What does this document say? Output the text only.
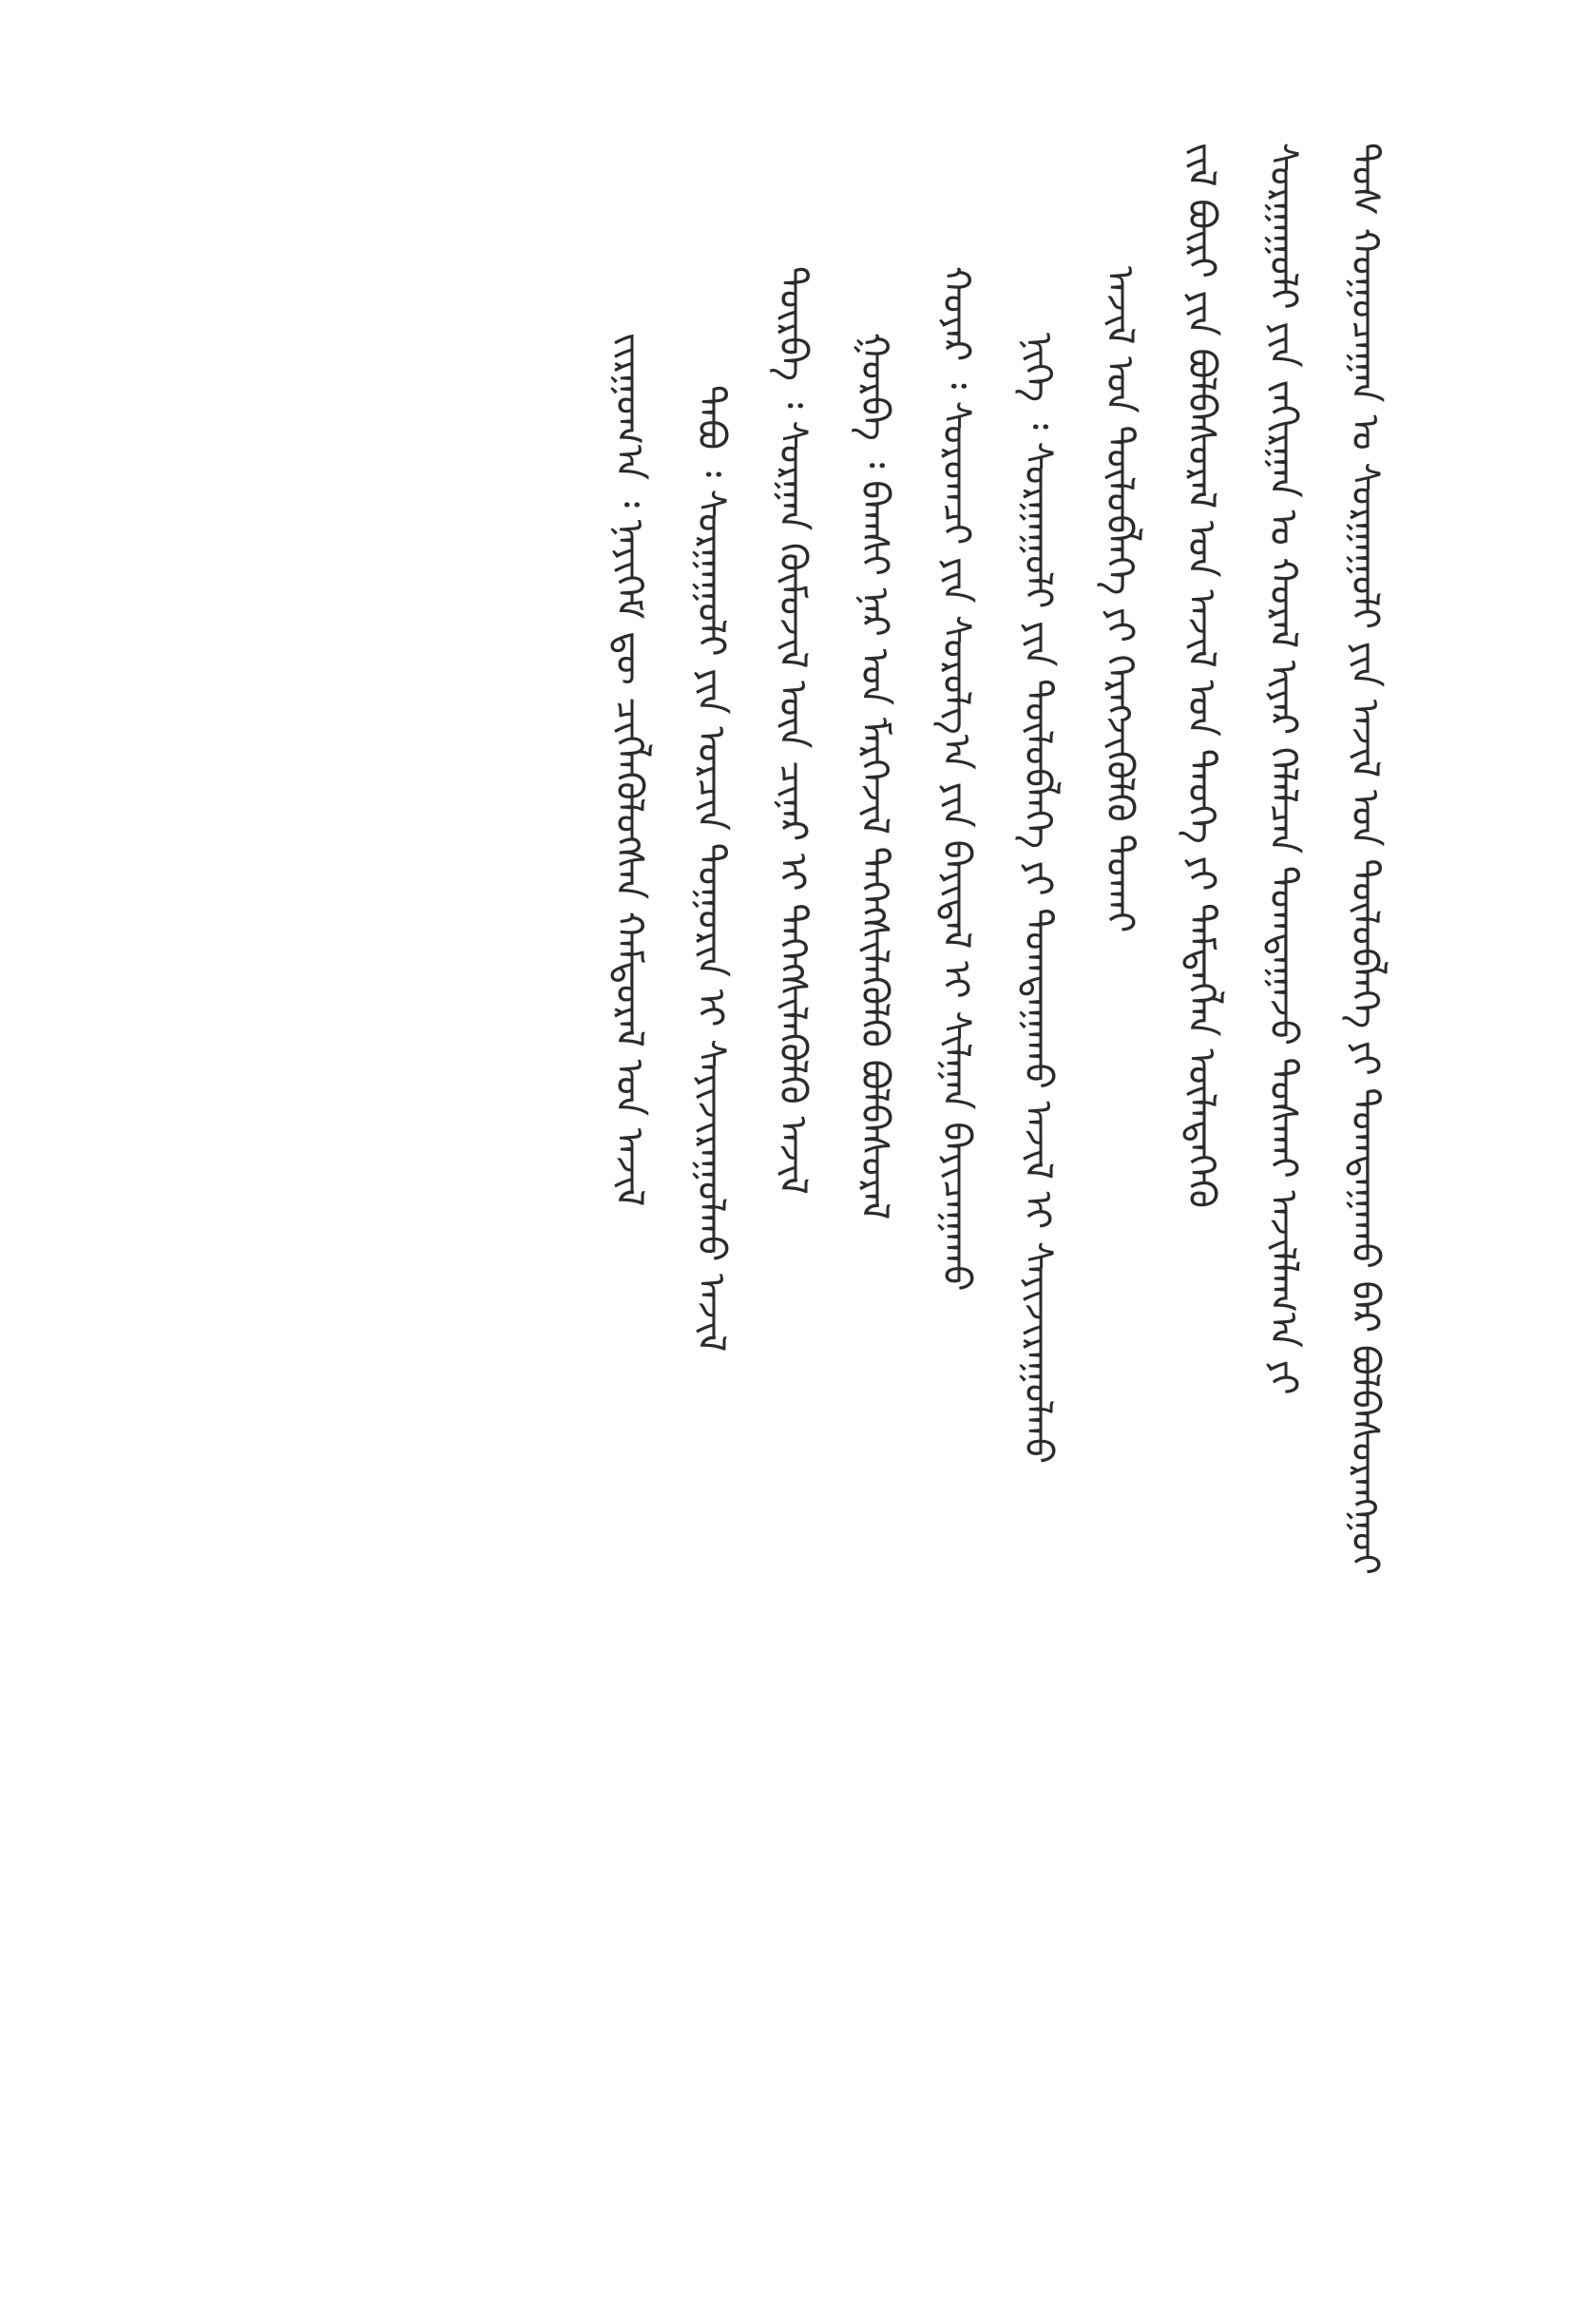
ᠲᠤᠰ ᠬᠤᠭᠤᠴᠠᠭᠠᠨ ᠤ ᠰᠤᠷᠭᠠᠭᠤᠯᠢ ᠶᠢᠨ ᠠᠵᠢᠯ ᠤᠨ ᠲᠥᠯᠥᠪᠯᠡᠭᠡ ᠶᠢ ᠲᠤᠭᠲᠠᠭᠠᠬᠤ ᠪᠠᠷ ᠪᠣᠯᠪᠠᠰᠤᠷᠠᠩᠭᠤᠢ
ᠰᠤᠷᠭᠠᠭᠤᠯᠢ ᠶᠢᠨ ᠵᠠᠬᠢᠷᠭᠠᠨ ᠤ ᠬᠤᠷᠠᠯ ᠢᠶᠠᠷ ᠬᠡᠯᠡᠯᠴᠡᠨ ᠲᠣᠭᠲᠠᠭᠠᠵᠤ ᠲᠤᠰᠬᠠᠢ ᠠᠵᠢᠯᠯᠠᠭ᠎ᠠ ᠶᠢ
ᠵᠢᠯ ᠪᠦᠷᠢ ᠶᠢᠨ ᠪᠣᠯᠪᠠᠰᠤᠷᠠᠯ ᠤᠨ ᠠᠵᠢᠯ ᠤᠨ ᠲᠡᠦᠬᠡ ᠶᠢ ᠲᠡᠮᠳᠡᠭᠯᠡᠨ ᠦᠯᠡᠳᠡᠭᠡᠬᠦ
ᠠᠵᠢᠯ ᠤᠨ ᠲᠥᠯᠥᠪᠯᠡᠭᠡ ᠶᠢ ᠬᠡᠷᠡᠭᠵᠢᠭᠦᠯᠬᠦ ᠲᠤᠬᠠᠢ
ᠨᠢᠭᠡ ᠄ ᠰᠤᠷᠭᠠᠭᠤᠯᠢ ᠶᠢᠨ ᠲᠥᠯᠥᠪᠯᠡᠭᠡ ᠶᠢ ᠲᠣᠭᠲᠠᠭᠠᠬᠤ ᠠᠵᠢᠯ ᠢ ᠰᠠᠶᠢᠵᠢᠷᠠᠭᠤᠯᠬᠤ
ᠬᠤᠶᠠᠷ ᠄ ᠰᠤᠷᠤᠭᠴᠢ ᠶᠢᠨ ᠰᠤᠷᠤᠯᠭ᠎ᠠ ᠶᠢᠨ ᠪᠠᠶᠢᠳᠠᠯ ᠢ ᠰᠢᠯᠭᠠᠨ ᠪᠠᠶᠢᠴᠠᠭᠠᠬᠤ
ᠭᠤᠷᠪᠠ ᠄ ᠪᠠᠭᠰᠢ ᠨᠠᠷ ᠤᠨ ᠮᠡᠷᠭᠡᠵᠢᠯ ᠳᠡᠭᠡᠭᠰᠢᠯᠡᠭᠦᠯᠬᠦ ᠪᠣᠯᠪᠠᠰᠤᠷᠠᠯ
ᠳᠥᠷᠪᠡ ᠄ ᠰᠤᠷᠭᠠᠨ ᠬᠥᠮᠦᠵᠢᠯ ᠦᠨ ᠴᠢᠨᠠᠷ ᠢ ᠳᠡᠭᠡᠭᠰᠢᠯᠡᠭᠦᠯᠬᠦ ᠠᠵᠢᠯ
ᠲᠠᠪᠤ ᠄ ᠰᠤᠷᠭᠠᠭᠤᠯᠢ ᠶᠢᠨ ᠤᠷᠴᠢᠨ ᠲᠣᠭᠤᠷᠢᠨ ᠢ ᠰᠠᠶᠢᠵᠢᠷᠠᠭᠤᠯᠬᠤ ᠠᠵᠢᠯ
ᠵᠢᠷᠭᠤᠭ᠎ᠠ ᠄ ᠨᠡᠶᠢᠭᠡᠮ ᠳᠦ ᠴᠢᠭᠯᠡᠭᠦᠯᠦᠭᠰᠡᠨ ᠬᠠᠮᠲᠤᠷᠠᠯ ᠤᠨ ᠠᠵᠢᠯ
